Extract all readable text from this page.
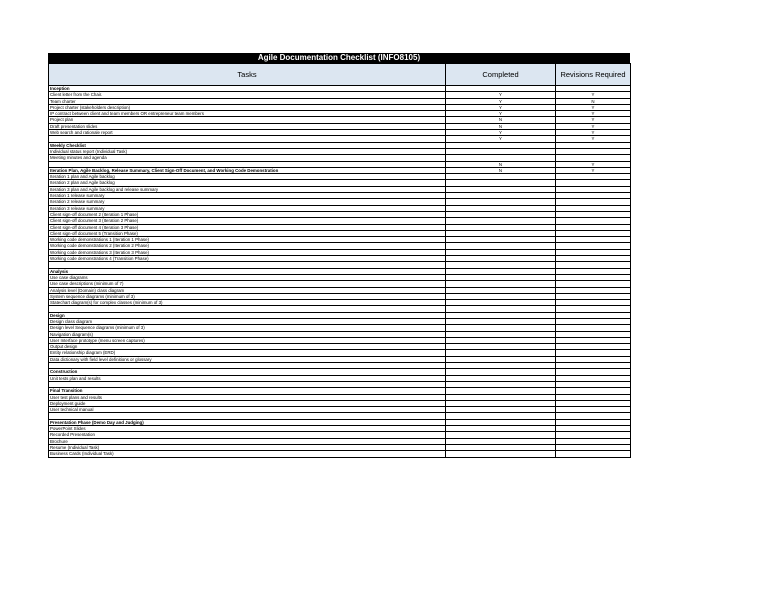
Agile Documentation Checklist (INFO8105)
Tasks	Completed	Revisions Required
Inception		
Client letter from the Chair.	Y	Y
Team charter	Y	N
Project charter (stakeholders description)	Y	Y
IP contract between client and team members OR entrepreneur team members	Y	Y
Project plan	N	Y
Draft presentation slides	N	Y
Web search and rationale report	Y	Y
	Y	Y
Weekly Checklist		
Individual status report (Individual Task)		
Meeting minutes and agenda		
	N	Y
Iteration Plan, Agile Backlog, Release Summary, Client Sign-Off Document, and Working Code Demonstration	N	Y
Iteration 1 plan and Agile backlog		
Iteration 2 plan and Agile backlog		
Iteration 3 plan and Agile backlog and release summary		
Iteration 1 release summary		
Iteration 2 release summary		
Iteration 3 release summary		
Client sign-off document 2 (Iteration 1 Phase)		
Client sign-off document 3 (Iteration 2 Phase)		
Client sign-off document 4 (Iteration 3 Phase)		
Client sign-off document 5 (Transition Phase)		
Working code demonstrations 1 (Iteration 1 Phase)		
Working code demonstrations 2 (Iteration 2 Phase)		
Working code demonstrations 3 (Iteration 3 Phase)		
Working code demonstrations 4 (Transition Phase)		

Analysis		
Use case diagrams		
Use case descriptions (minimum of 7)		
Analysis level (Domain) class diagram		
System sequence diagrams (minimum of 3)		
Statechart diagram(s) for complex classes (minimum of 3)		

Design		
Design class diagram		
Design level Sequence diagrams (minimum of 3)		
Navigation diagram(s)		
User Interface prototype (menu screen captures)		
Output design		
Entity relationship diagram (ERD)		
Data dictionary with field level definitions or glossary		

Construction		
Unit tests plan and results		

Final Transition		
User test plans and results		
Deployment guide		
User technical manual		

Presentation Phase (Demo Day and Judging)		
PowerPoint Slides		
Recorded Presentation		
Brochure		
Resume (Individual Task)		
Business Cards (Individual Task)		
